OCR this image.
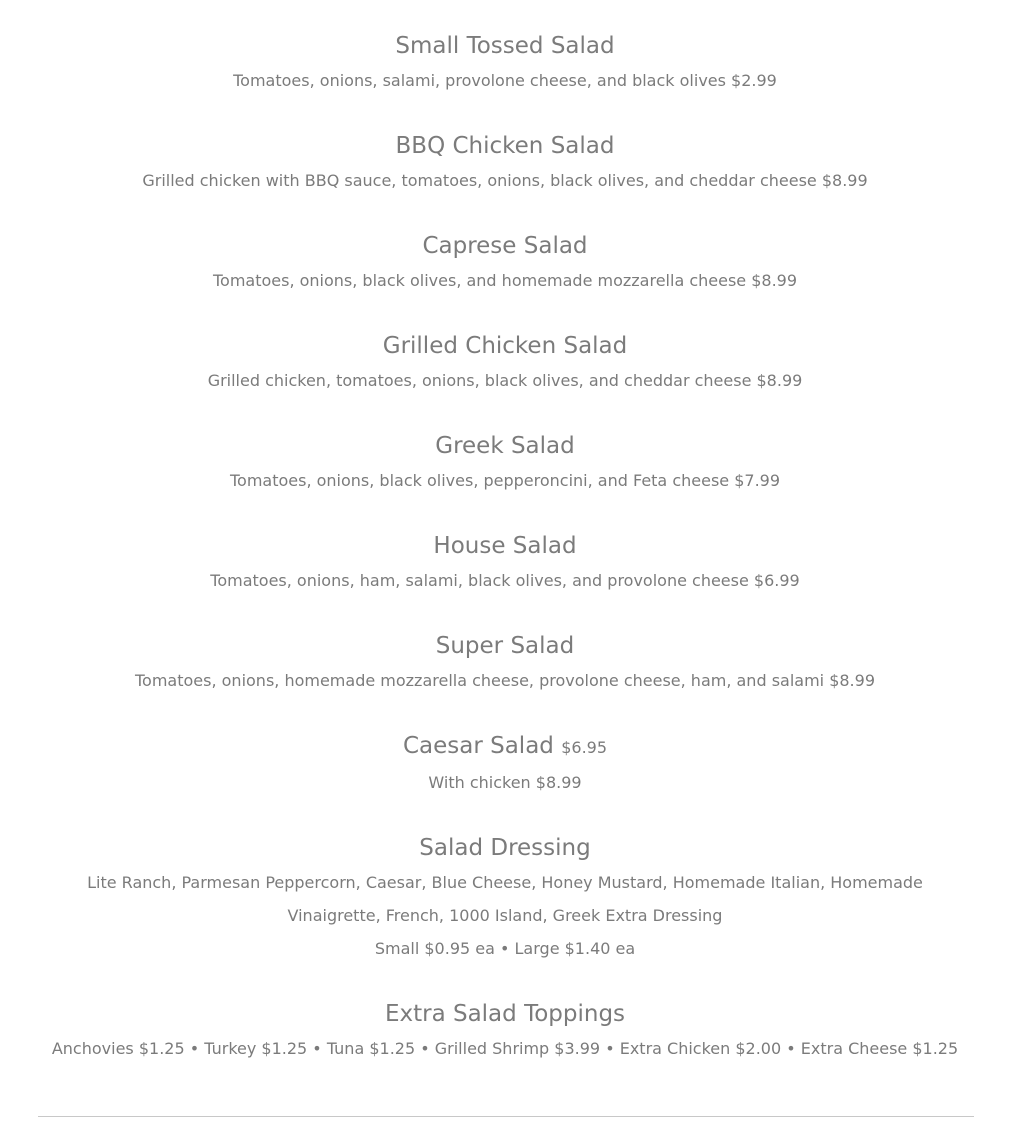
Small Tossed Salad

Tomatoes, onions, salami, provolone cheese, and black olives $2.99

BBQ Chicken Salad

Grilled chicken with BBQ sauce, tomatoes, onions, black olives, and cheddar cheese $8.99

Caprese Salad

Tomatoes, onions, black olives, and homemade mozzarella cheese $8.99

Grilled Chicken Salad

Grilled chicken, tomatoes, onions, black olives, and cheddar cheese $8.99

Greek Salad

Tomatoes, onions, black olives, pepperoncini, and Feta cheese $7.99

House Salad

Tomatoes, onions, ham, salami, black olives, and provolone cheese $6.99

Super Salad

Tomatoes, onions, homemade mozzarella cheese, provolone cheese, ham, and salami $8.99

Caesar Salad $6.95

With chicken $8.99

Salad Dressing

Lite Ranch, Parmesan Peppercorn, Caesar, Blue Cheese, Honey Mustard, Homemade Italian, Homemade Vinaigrette, French, 1000 Island, Greek Extra Dressing

Small $0.95 ea • Large $1.40 ea

Extra Salad Toppings

Anchovies $1.25 • Turkey $1.25 • Tuna $1.25 • Grilled Shrimp $3.99 • Extra Chicken $2.00 • Extra Cheese $1.25
